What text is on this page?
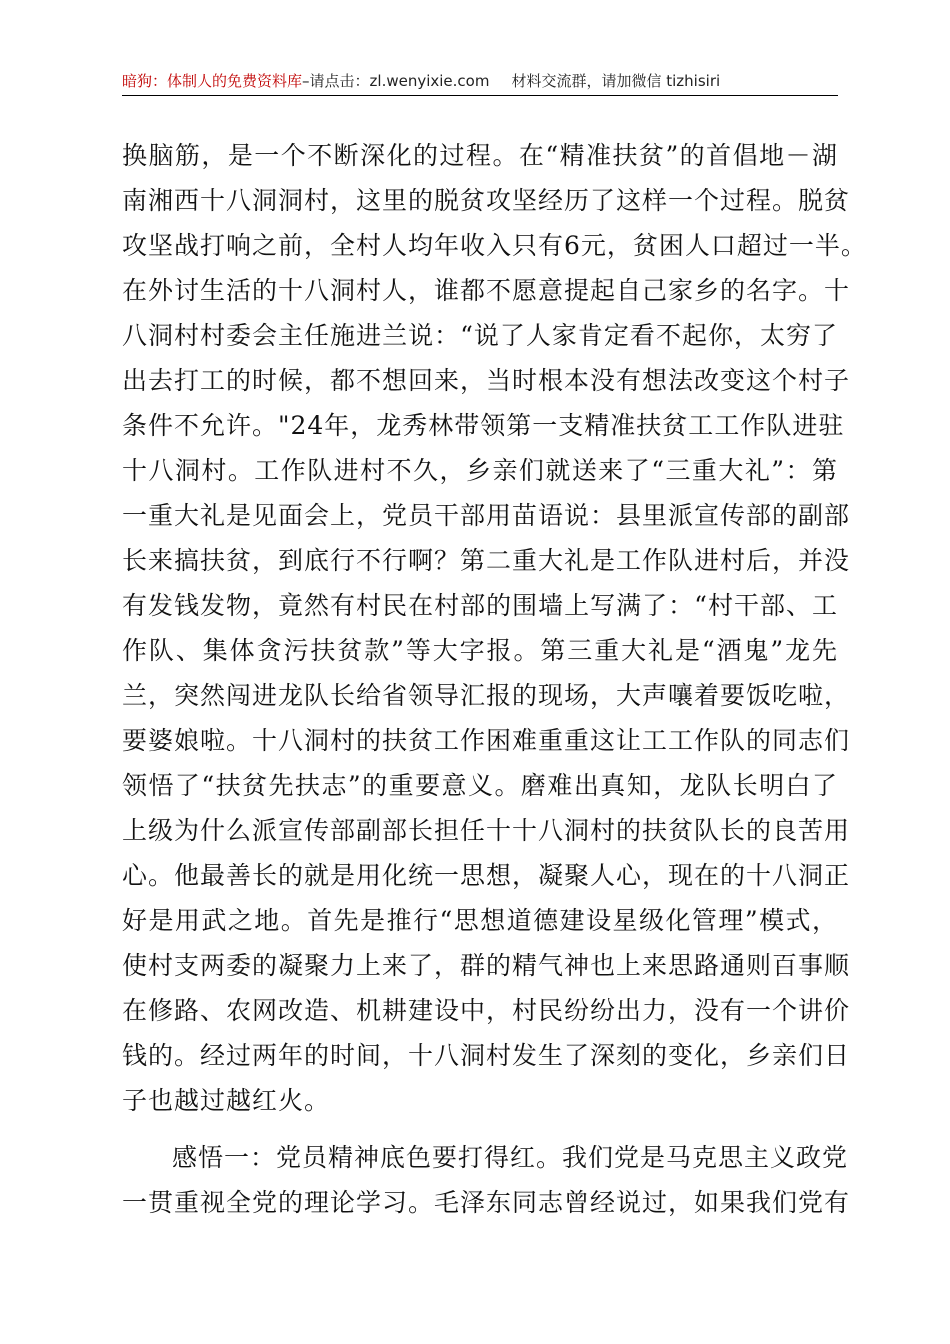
暗狗：体制人的免费资料库–请点击：zl.wenyixie.com 材料交流群，请加微信 tizhisiri
换脑筋，是一个不断深化的过程。在“精准扶贫”的首倡地－湖
南湘西十八洞洞村，这里的脱贫攻坚经历了这样一个过程。脱贫
攻坚战打响之前，全村人均年收入只有6元，贫困人口超过一半。
在外讨生活的十八洞村人，谁都不愿意提起自己家乡的名字。十
八洞村村委会主任施进兰说：“说了人家肯定看不起你，太穷了
出去打工的时候，都不想回来，当时根本没有想法改变这个村子
条件不允许。"24年，龙秀林带领第一支精准扶贫工工作队进驻
十八洞村。工作队进村不久，乡亲们就送来了“三重大礼”：第
一重大礼是见面会上，党员干部用苗语说：县里派宣传部的副部
长来搞扶贫，到底行不行啊？第二重大礼是工作队进村后，并没
有发钱发物，竟然有村民在村部的围墙上写满了：“村干部、工
作队、集体贪污扶贫款”等大字报。第三重大礼是“酒鬼”龙先
兰，突然闯进龙队长给省领导汇报的现场，大声嚷着要饭吃啦，
要婆娘啦。十八洞村的扶贫工作困难重重这让工工作队的同志们
领悟了“扶贫先扶志”的重要意义。磨难出真知，龙队长明白了
上级为什么派宣传部副部长担任十十八洞村的扶贫队长的良苦用
心。他最善长的就是用化统一思想，凝聚人心，现在的十八洞正
好是用武之地。首先是推行“思想道德建设星级化管理”模式，
使村支两委的凝聚力上来了，群的精气神也上来思路通则百事顺
在修路、农网改造、机耕建设中，村民纷纷出力，没有一个讲价
钱的。经过两年的时间，十八洞村发生了深刻的变化，乡亲们日
子也越过越红火。
感悟一：党员精神底色要打得红。我们党是马克思主义政党
一贯重视全党的理论学习。毛泽东同志曾经说过，如果我们党有
